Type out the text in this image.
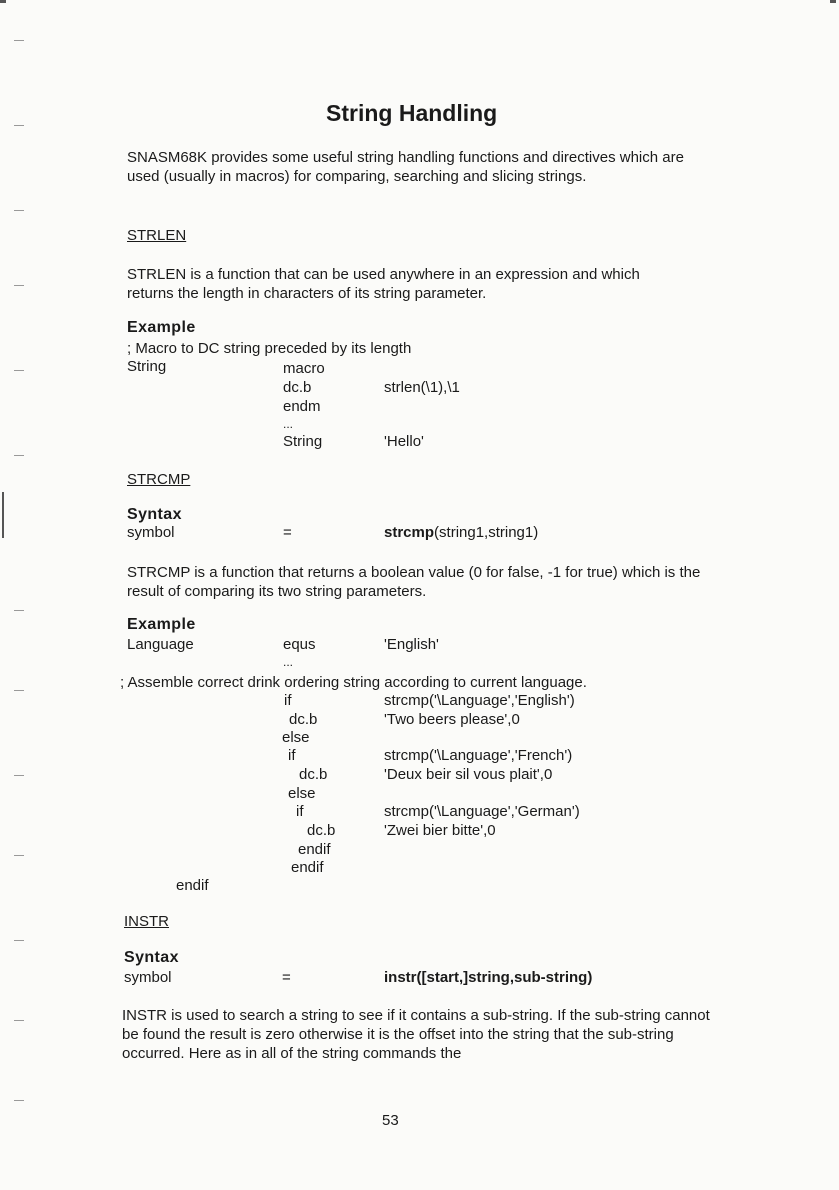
String Handling
SNASM68K provides some useful string handling functions and directives which are used (usually in macros) for comparing, searching and slicing strings.
STRLEN
STRLEN is a function that can be used anywhere in an expression and which returns the length in characters of its string parameter.
Example
; Macro to DC string preceded by its length
String	macro
dc.b	strlen(\1),\1
endm
...
String	'Hello'
STRCMP
Syntax
symbol	=	strcmp(string1,string1)
STRCMP is a function that returns a boolean value (0 for false, -1 for true) which is the result of comparing its two string parameters.
Example
Language	equs	'English'
...
; Assemble correct drink ordering string according to current language.
if	strcmp('\Language','English')
dc.b	'Two beers please',0
else
if	strcmp('\Language','French')
dc.b	'Deux beir sil vous plait',0
else
if	strcmp('\Language','German')
dc.b	'Zwei bier bitte',0
endif
endif
endif
INSTR
Syntax
symbol	=	instr([start,]string,sub-string)
INSTR is used to search a string to see if it contains a sub-string. If the sub-string cannot be found the result is zero otherwise it is the offset into the string that the sub-string occurred. Here as in all of the string commands the
53
